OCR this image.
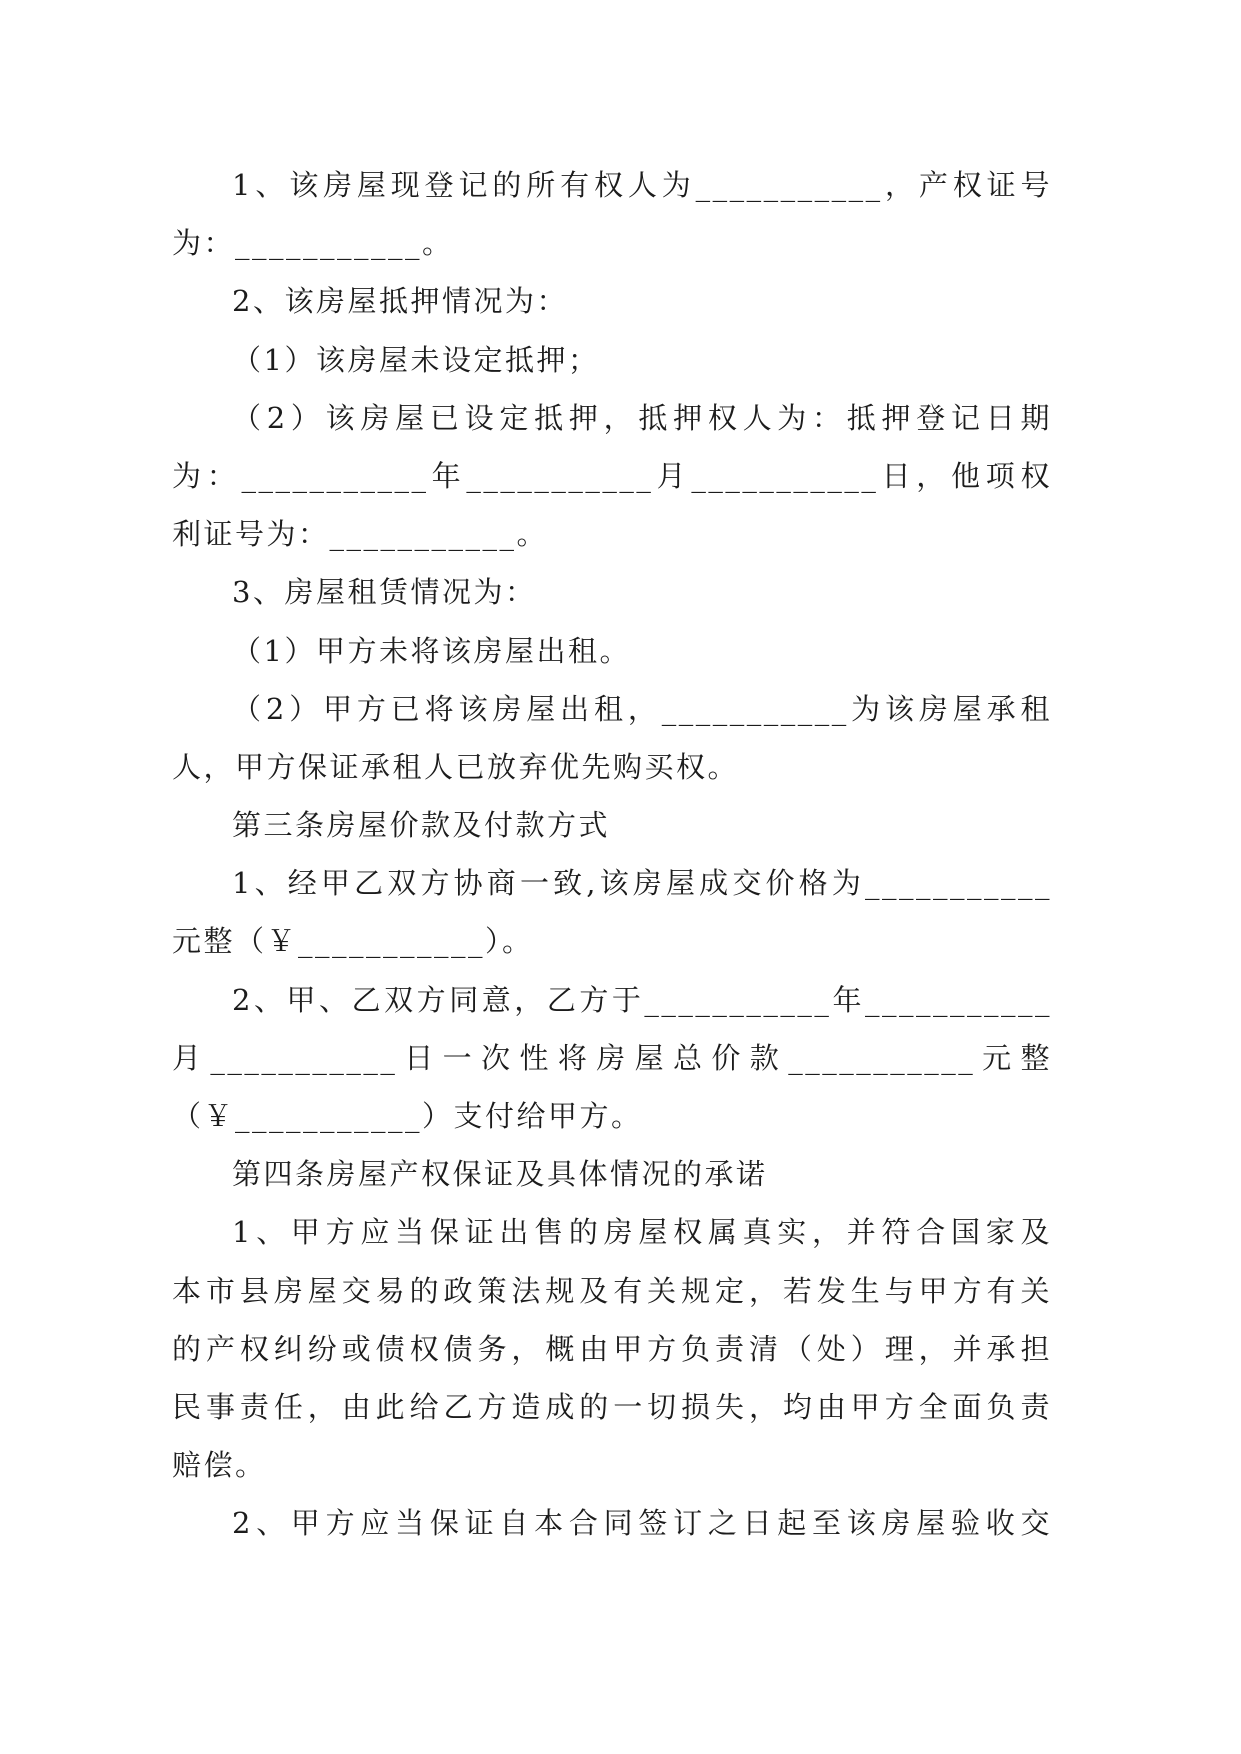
1、该房屋现登记的所有权人为___________，产权证号
为：___________。
2、该房屋抵押情况为：
（1）该房屋未设定抵押；
（2）该房屋已设定抵押，抵押权人为：抵押登记日期
为：___________年___________月___________日，他项权
利证号为：___________。
3、房屋租赁情况为：
（1）甲方未将该房屋出租。
（2）甲方已将该房屋出租，___________为该房屋承租
人，甲方保证承租人已放弃优先购买权。
第三条房屋价款及付款方式
1、经甲乙双方协商一致,该房屋成交价格为___________
元整（￥___________）。
2、甲、乙双方同意，乙方于___________年___________
月___________日一次性将房屋总价款___________元整
（￥___________）支付给甲方。
第四条房屋产权保证及具体情况的承诺
1、甲方应当保证出售的房屋权属真实，并符合国家及
本市县房屋交易的政策法规及有关规定，若发生与甲方有关
的产权纠纷或债权债务，概由甲方负责清（处）理，并承担
民事责任，由此给乙方造成的一切损失，均由甲方全面负责
赔偿。
2、甲方应当保证自本合同签订之日起至该房屋验收交
